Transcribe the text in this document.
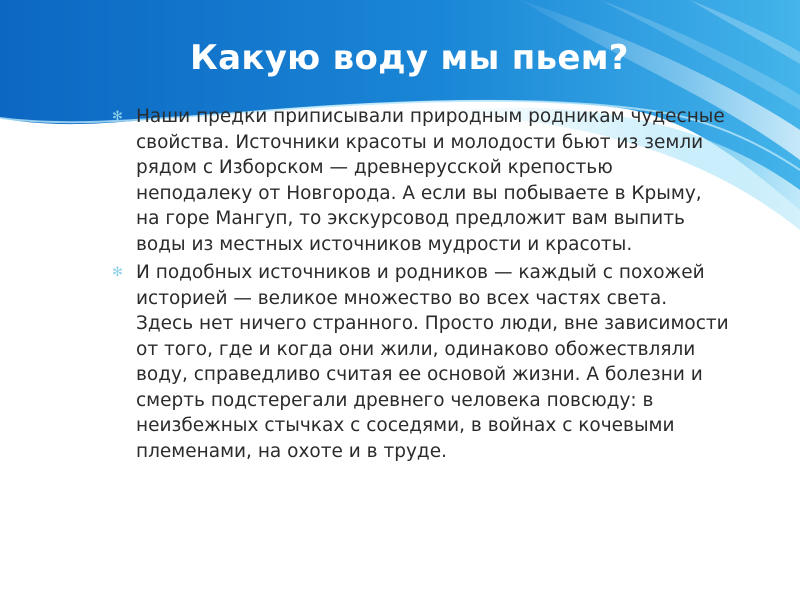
Какую воду мы пьем?
✻ Наши предки приписывали природным родникам чудесные свойства. Источники красоты и молодости бьют из земли рядом с Изборском — древнерусской крепостью неподалеку от Новгорода. А если вы побываете в Крыму, на горе Мангуп, то экскурсовод предложит вам выпить воды из местных источников мудрости и красоты.
✻ И подобных источников и родников — каждый с похожей историей — великое множество во всех частях света. Здесь нет ничего странного. Просто люди, вне зависимости от того, где и когда они жили, одинаково обожествляли воду, справедливо считая ее основой жизни. А болезни и смерть подстерегали древнего человека повсюду: в неизбежных стычках с соседями, в войнах с кочевыми племенами, на охоте и в труде.
